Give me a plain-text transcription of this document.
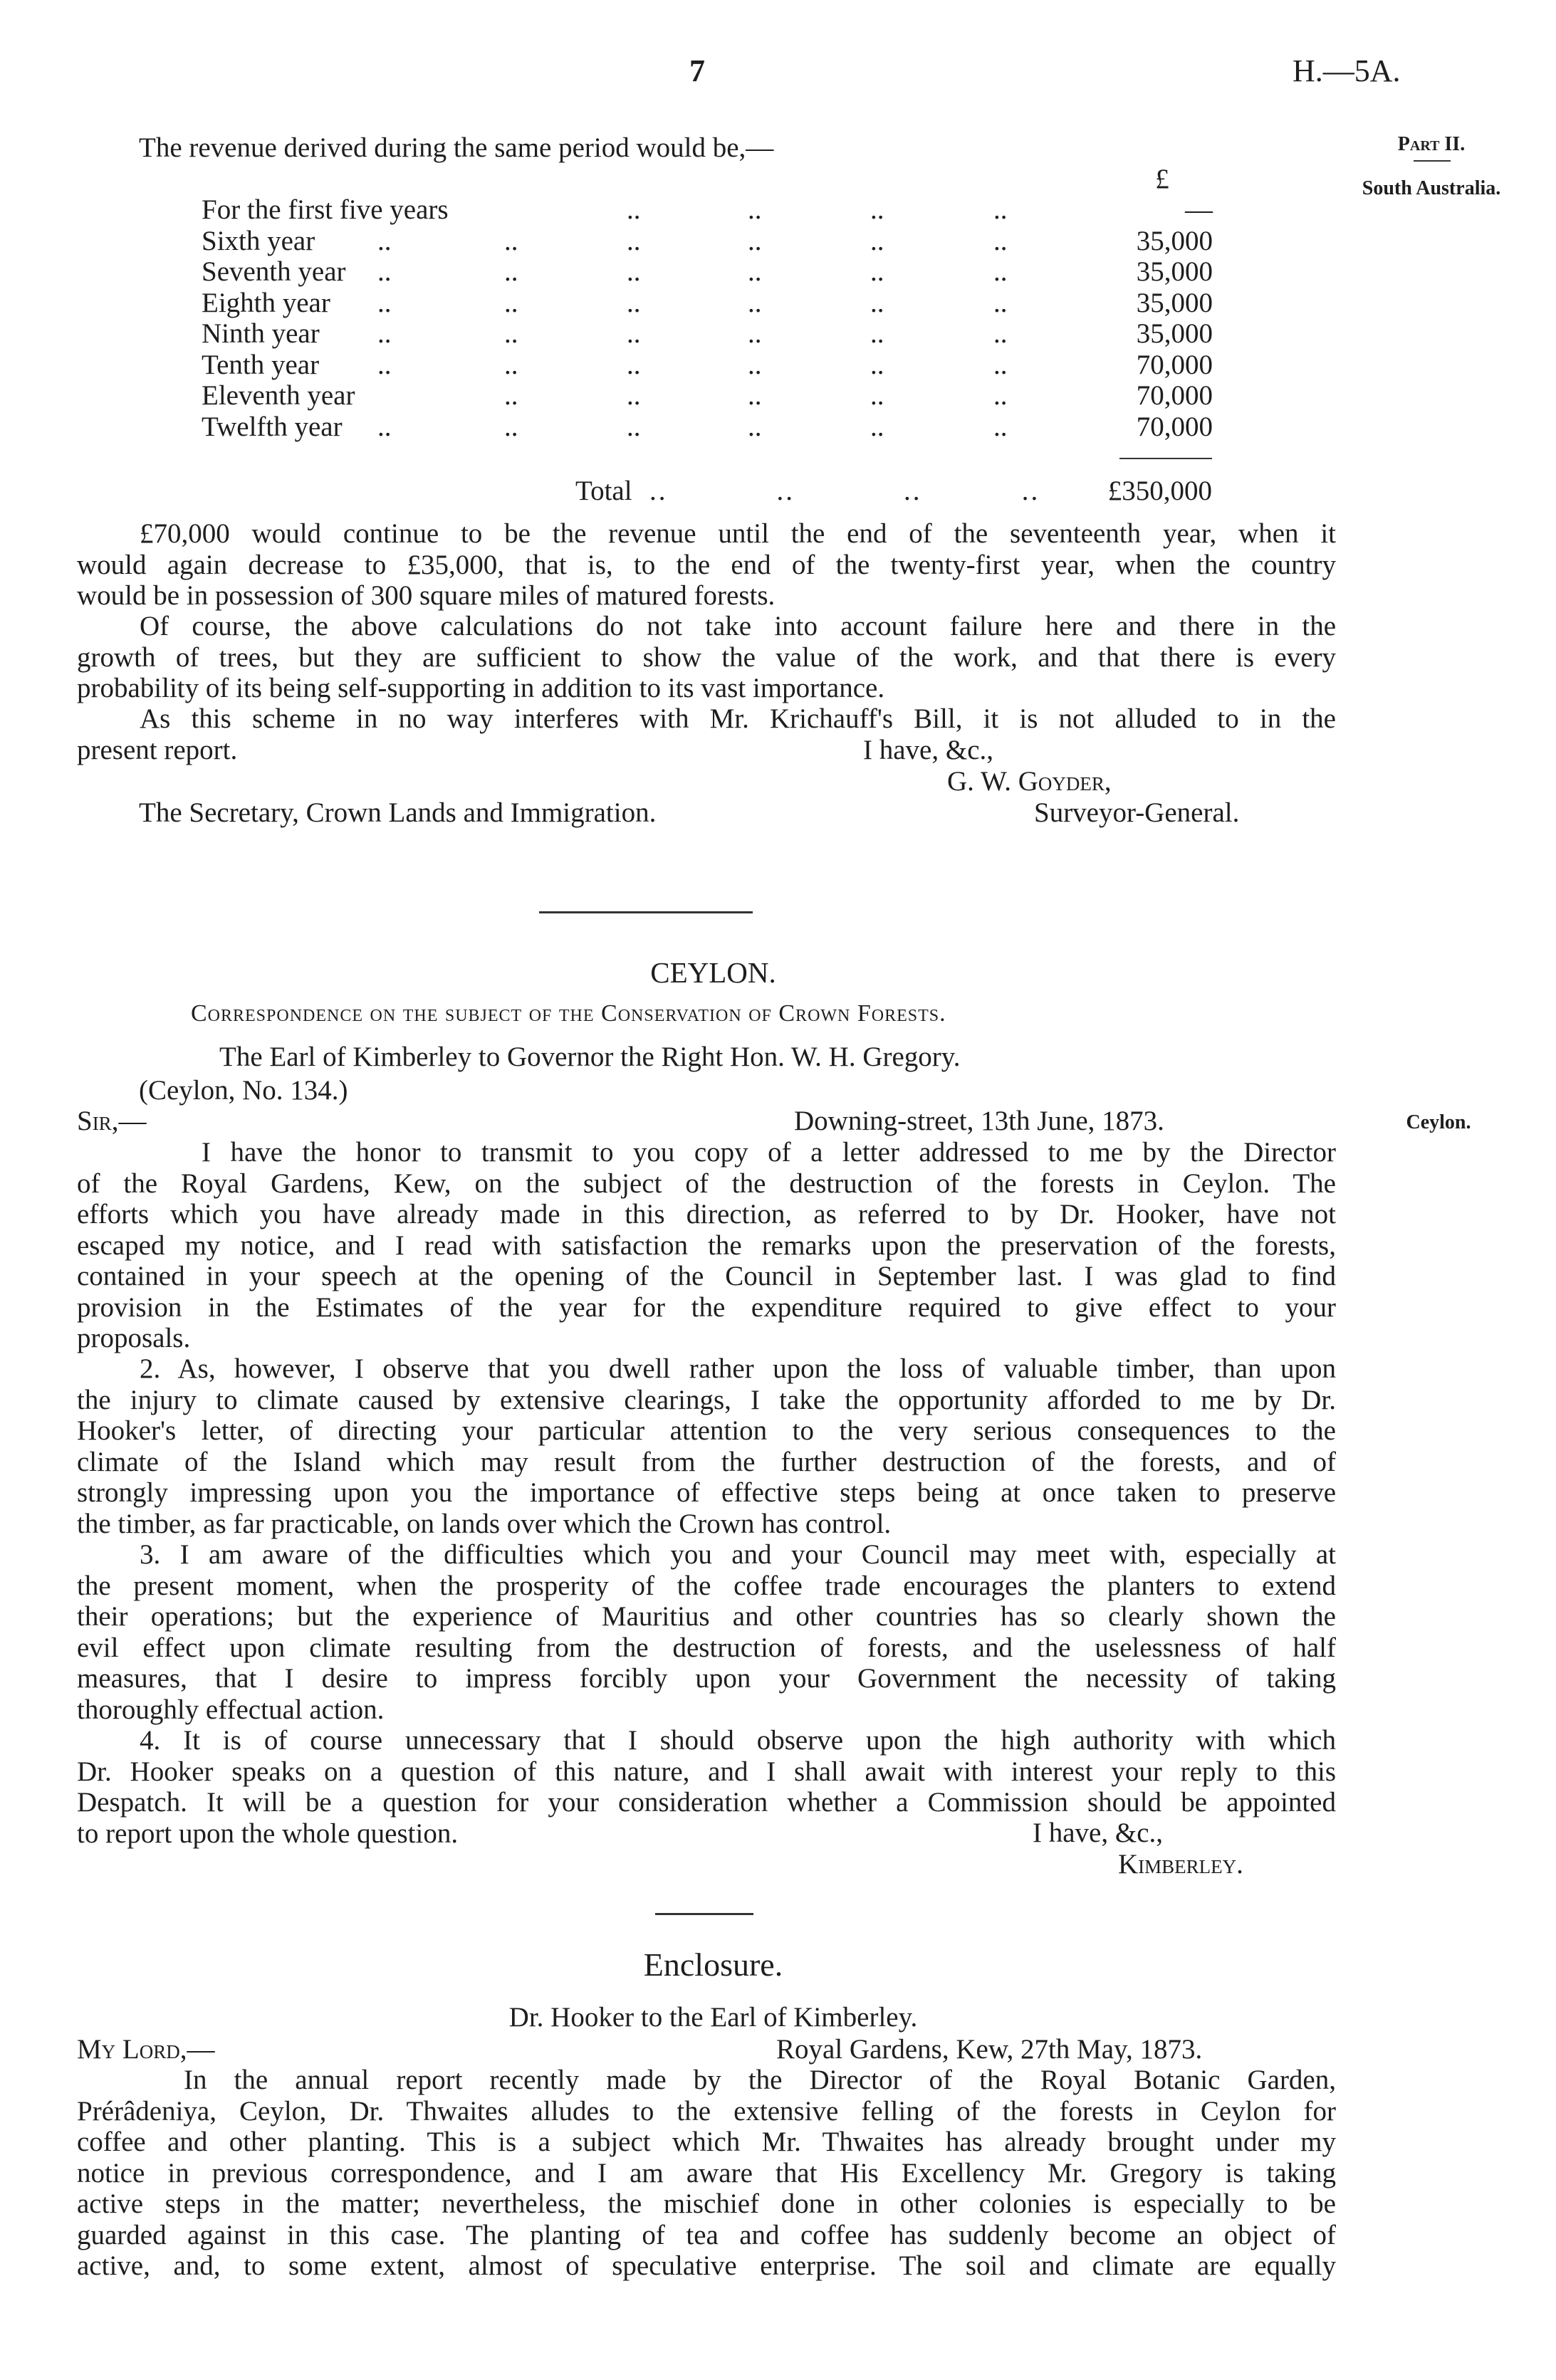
7	H.—5A.
Part II.
South Australia.
Ceylon.
The revenue derived during the same period would be,—
£
For the first five years	..	..	..	..	—
Sixth year ..	..	..	..	..	..	35,000
Seventh year ..	..	..	..	..	..	35,000
Eighth year ..	..	..	..	..	..	35,000
Ninth year ..	..	..	..	..	..	35,000
Tenth year ..	..	..	..	..	..	70,000
Eleventh year	..	..	..	..	..	70,000
Twelfth year ..	..	..	..	..	..	70,000
Total ..            ..            ..           ..	£350,000
£70,000 would continue to be the revenue until the end of the seventeenth year, when it
would again decrease to £35,000, that is, to the end of the twenty-first year, when the country
would be in possession of 300 square miles of matured forests.
Of course, the above calculations do not take into account failure here and there in the
growth of trees, but they are sufficient to show the value of the work, and that there is every
probability of its being self-supporting in addition to its vast importance.
As this scheme in no way interferes with Mr. Krichauff's Bill, it is not alluded to in the
present report.	I have, &c.,
G. W. Goyder,
The Secretary, Crown Lands and Immigration.	Surveyor-General.
CEYLON.
Correspondence on the subject of the Conservation of Crown Forests.
The Earl of Kimberley to Governor the Right Hon. W. H. Gregory.
(Ceylon, No. 134.)
Sir,—	Downing-street, 13th June, 1873.
I have the honor to transmit to you copy of a letter addressed to me by the Director
of the Royal Gardens, Kew, on the subject of the destruction of the forests in Ceylon. The
efforts which you have already made in this direction, as referred to by Dr. Hooker, have not
escaped my notice, and I read with satisfaction the remarks upon the preservation of the forests,
contained in your speech at the opening of the Council in September last. I was glad to find
provision in the Estimates of the year for the expenditure required to give effect to your
proposals.
2. As, however, I observe that you dwell rather upon the loss of valuable timber, than upon
the injury to climate caused by extensive clearings, I take the opportunity afforded to me by Dr.
Hooker's letter, of directing your particular attention to the very serious consequences to the
climate of the Island which may result from the further destruction of the forests, and of
strongly impressing upon you the importance of effective steps being at once taken to preserve
the timber, as far practicable, on lands over which the Crown has control.
3. I am aware of the difficulties which you and your Council may meet with, especially at
the present moment, when the prosperity of the coffee trade encourages the planters to extend
their operations; but the experience of Mauritius and other countries has so clearly shown the
evil effect upon climate resulting from the destruction of forests, and the uselessness of half
measures, that I desire to impress forcibly upon your Government the necessity of taking
thoroughly effectual action.
4. It is of course unnecessary that I should observe upon the high authority with which
Dr. Hooker speaks on a question of this nature, and I shall await with interest your reply to this
Despatch. It will be a question for your consideration whether a Commission should be appointed
to report upon the whole question.	I have, &c.,
Kimberley.
Enclosure.
Dr. Hooker to the Earl of Kimberley.
My Lord,—	Royal Gardens, Kew, 27th May, 1873.
In the annual report recently made by the Director of the Royal Botanic Garden,
Prérâdeniya, Ceylon, Dr. Thwaites alludes to the extensive felling of the forests in Ceylon for
coffee and other planting. This is a subject which Mr. Thwaites has already brought under my
notice in previous correspondence, and I am aware that His Excellency Mr. Gregory is taking
active steps in the matter; nevertheless, the mischief done in other colonies is especially to be
guarded against in this case. The planting of tea and coffee has suddenly become an object of
active, and, to some extent, almost of speculative enterprise. The soil and climate are equally
